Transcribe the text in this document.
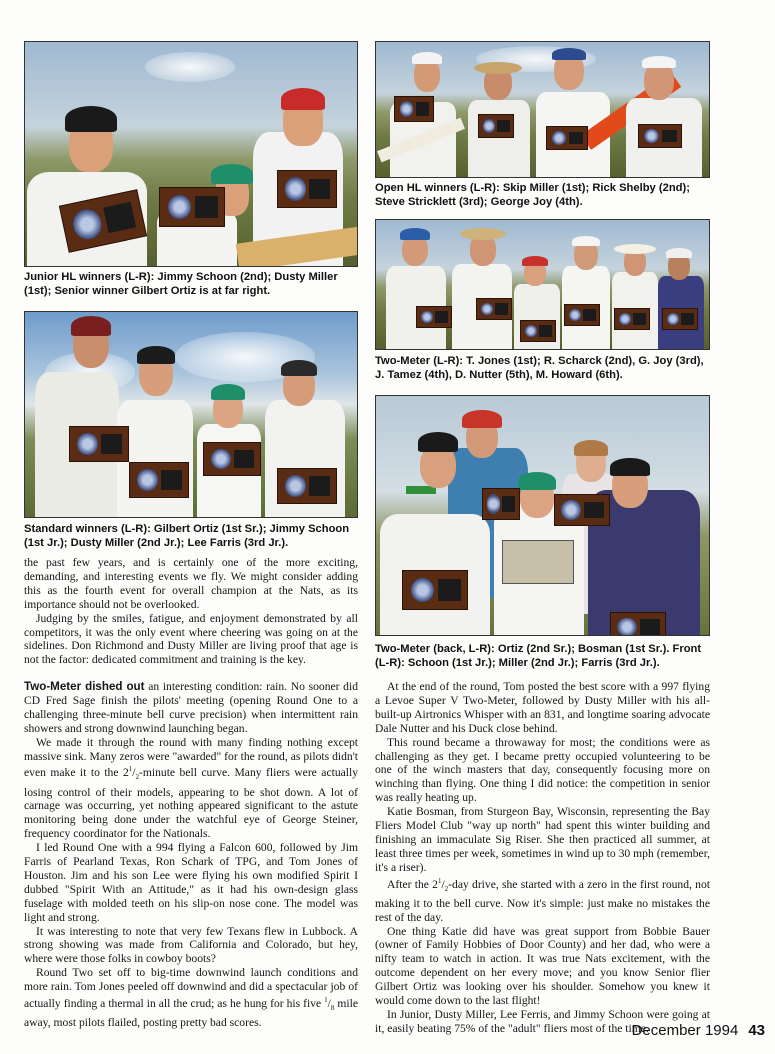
Junior HL winners (L-R): Jimmy Schoon (2nd); Dusty Miller (1st); Senior winner Gilbert Ortiz is at far right.
Open HL winners (L-R): Skip Miller (1st); Rick Shelby (2nd); Steve Stricklett (3rd); George Joy (4th).
Two-Meter (L-R): T. Jones (1st); R. Scharck (2nd), G. Joy (3rd), J. Tamez (4th), D. Nutter (5th), M. Howard (6th).
Standard winners (L-R): Gilbert Ortiz (1st Sr.); Jimmy Schoon (1st Jr.); Dusty Miller (2nd Jr.); Lee Farris (3rd Jr.).
Two-Meter (back, L-R): Ortiz (2nd Sr.); Bosman (1st Sr.). Front (L-R): Schoon (1st Jr.); Miller (2nd Jr.); Farris (3rd Jr.).

the past few years, and is certainly one of the more exciting, demanding, and interesting events we fly. We might consider adding this as the fourth event for overall champion at the Nats, as its importance should not be overlooked.

Judging by the smiles, fatigue, and enjoyment demonstrated by all competitors, it was the only event where cheering was going on at the sidelines. Don Richmond and Dusty Miller are living proof that age is not the factor: dedicated commitment and training is the key.

Two-Meter dished out an interesting condition: rain. No sooner did CD Fred Sage finish the pilots' meeting (opening Round One to a challenging three-minute bell curve precision) when intermittent rain showers and strong downwind launching began.

We made it through the round with many finding nothing except massive sink. Many zeros were "awarded" for the round, as pilots didn't even make it to the $2^1/_2$-minute bell curve. Many fliers were actually losing control of their models, appearing to be shot down. A lot of carnage was occurring, yet nothing appeared significant to the astute monitoring being done under the watchful eye of George Steiner, frequency coordinator for the Nationals.

I led Round One with a 994 flying a Falcon 600, followed by Jim Farris of Pearland Texas, Ron Schark of TPG, and Tom Jones of Houston. Jim and his son Lee were flying his own modified Spirit I dubbed "Spirit With an Attitude," as it had his own-design glass fuselage with molded teeth on his slip-on nose cone. The model was light and strong.

It was interesting to note that very few Texans flew in Lubbock. A strong showing was made from California and Colorado, but hey, where were those folks in cowboy boots?

Round Two set off to big-time downwind launch conditions and more rain. Tom Jones peeled off downwind and did a spectacular job of actually finding a thermal in all the crud; as he hung for his five $^1/_8$ mile away, most pilots flailed, posting pretty bad scores.

At the end of the round, Tom posted the best score with a 997 flying a Levoe Super V Two-Meter, followed by Dusty Miller with his all-built-up Airtronics Whisper with an 831, and longtime soaring advocate Dale Nutter and his Duck close behind.

This round became a throwaway for most; the conditions were as challenging as they get. I became pretty occupied volunteering to be one of the winch masters that day, consequently focusing more on winching than flying. One thing I did notice: the competition in senior was really heating up.

Katie Bosman, from Sturgeon Bay, Wisconsin, representing the Bay Fliers Model Club "way up north" had spent this winter building and finishing an immaculate Sig Riser. She then practiced all summer, at least three times per week, sometimes in wind up to 30 mph (remember, it's a riser).

After the $2^1/_2$-day drive, she started with a zero in the first round, not making it to the bell curve. Now it's simple: just make no mistakes the rest of the day.

One thing Katie did have was great support from Bobbie Bauer (owner of Family Hobbies of Door County) and her dad, who were a nifty team to watch in action. It was true Nats excitement, with the outcome dependent on her every move; and you know Senior flier Gilbert Ortiz was looking over his shoulder. Somehow you knew it would come down to the last flight!

In Junior, Dusty Miller, Lee Ferris, and Jimmy Schoon were going at it, easily beating 75% of the "adult" fliers most of the time.

December 1994 43
